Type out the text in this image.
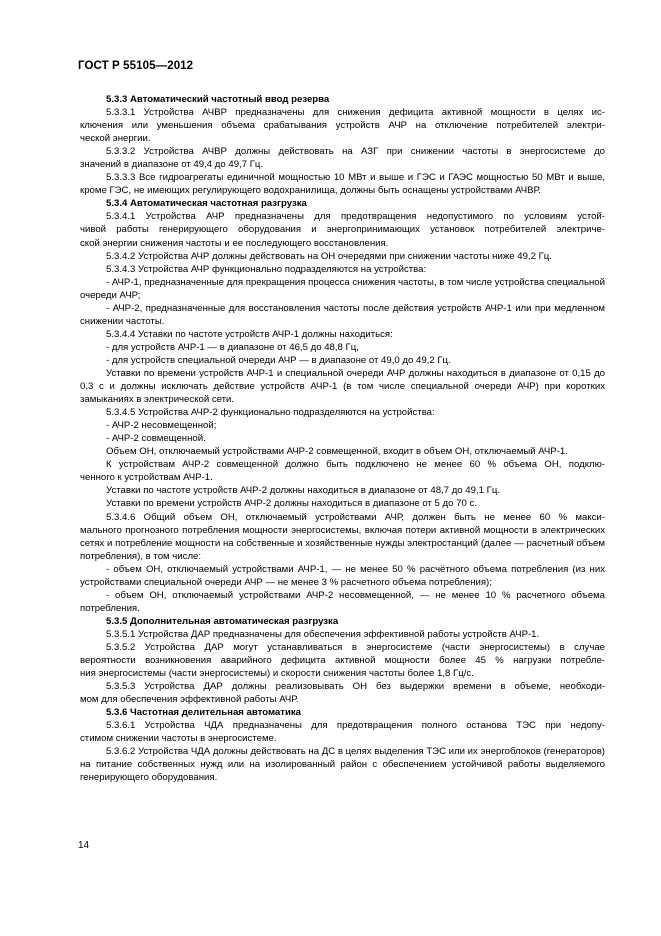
ГОСТ Р 55105—2012

5.3.3 Автоматический частотный ввод резерва

5.3.3.1 Устройства АЧВР предназначены для снижения дефицита активной мощности в целях ис-

ключения или уменьшения объема срабатывания устройств АЧР на отключение потребителей электри-

ческой энергии.

5.3.3.2 Устройства АЧВР должны действовать на АЗГ при снижении частоты в энергосистеме до

значений в диапазоне от 49,4 до 49,7 Гц.

5.3.3.3 Все гидроагрегаты единичной мощностью 10 МВт и выше и ГЭС и ГАЭС мощностью 50 МВт и выше, кроме ГЭС, не имеющих регулирующего водохранилища, должны быть оснащены устройствами АЧВР.

5.3.4 Автоматическая частотная разгрузка

5.3.4.1 Устройства АЧР предназначены для предотвращения недопустимого по условиям устой-

чивой работы генерирующего оборудования и энергопринимающих установок потребителей электриче-

ской энергии снижения частоты и ее последующего восстановления.

5.3.4.2 Устройства АЧР должны действовать на ОН очередями при снижении частоты ниже 49,2 Гц.

5.3.4.3 Устройства АЧР функционально подразделяются на устройства:

- АЧР-1, предназначенные для прекращения процесса снижения частоты, в том числе устройства специальной очереди АЧР;

- АЧР-2, предназначенные для восстановления частоты после действия устройств АЧР-1 или при медленном снижении частоты.

5.3.4.4 Уставки по частоте устройств АЧР-1 должны находиться:

- для устройств АЧР-1 — в диапазоне от 46,5 до 48,8 Гц,

- для устройств специальной очереди АЧР — в диапазоне от 49,0 до 49,2 Гц.

Уставки по времени устройств АЧР-1 и специальной очереди АЧР должны находиться в диапазоне от 0,15 до 0,3 с и должны исключать действие устройств АЧР-1 (в том числе специальной очереди АЧР) при коротких замыканиях в электрической сети.

5.3.4.5 Устройства АЧР-2 функционально подразделяются на устройства:

- АЧР-2 несовмещенной;

- АЧР-2 совмещенной.

Объем ОН, отключаемый устройствами АЧР-2 совмещенной, входит в объем ОН, отключаемый АЧР-1.

К устройствам АЧР-2 совмещенной должно быть подключено не менее 60 % объема ОН, подклю-

ченного к устройствам АЧР-1.

Уставки по частоте устройств АЧР-2 должны находиться в диапазоне от 48,7 до 49,1 Гц.

Уставки по времени устройств АЧР-2 должны находиться в диапазоне от 5 до 70 с.

5.3.4.6 Общий объем ОН, отключаемый устройствами АЧР, должен быть не менее 60 % макси-

мального прогнозного потребления мощности энергосистемы, включая потери активной мощности в электрических сетях и потребление мощности на собственные и хозяйственные нужды электростанций (далее — расчетный объем потребления), в том числе:

- объем ОН, отключаемый устройствами АЧР-1, — не менее 50 % расчётного объема потребления (из них устройствами специальной очереди АЧР — не менее 3 % расчетного объема потребления);

- объем ОН, отключаемый устройствами АЧР-2 несовмещенной, — не менее 10 % расчетного объема потребления.

5.3.5 Дополнительная автоматическая разгрузка

5.3.5.1 Устройства ДАР предназначены для обеспечения эффективной работы устройств АЧР-1.

5.3.5.2 Устройства ДАР могут устанавливаться в энергосистеме (части энергосистемы) в случае

вероятности возникновения аварийного дефицита активной мощности более 45 % нагрузки потребле-

ния энергосистемы (части энергосистемы) и скорости снижения частоты более 1,8 Гц/с.

5.3.5.3 Устройства ДАР должны реализовывать ОН без выдержки времени в объеме, необходи-

мом для обеспечения эффективной работы АЧР.

5.3.6 Частотная делительная автоматика

5.3.6.1 Устройства ЧДА предназначены для предотвращения полного останова ТЭС при недопу-

стимом снижении частоты в энергосистеме.

5.3.6.2 Устройства ЧДА должны действовать на ДС в целях выделения ТЭС или их энергоблоков (генераторов) на питание собственных нужд или на изолированный район с обеспечением устойчивой работы выделяемого генерирующего оборудования.

14
